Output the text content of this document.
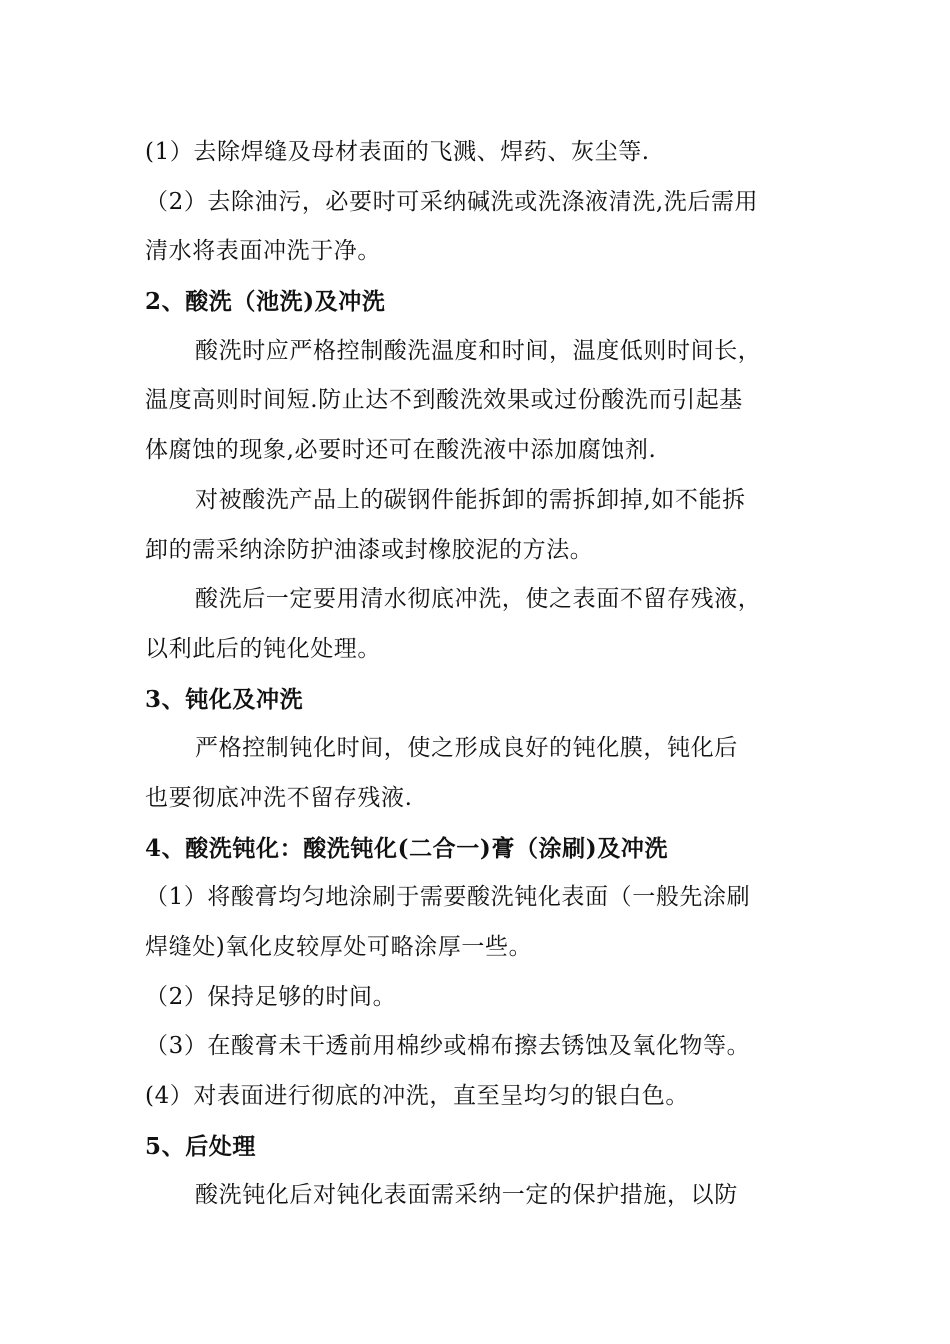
(1）去除焊缝及母材表面的飞溅、焊药、灰尘等.
（2）去除油污，必要时可采纳碱洗或洗涤液清洗,洗后需用
清水将表面冲洗于净。
2、酸洗（池洗)及冲洗
酸洗时应严格控制酸洗温度和时间，温度低则时间长，
温度高则时间短.防止达不到酸洗效果或过份酸洗而引起基
体腐蚀的现象,必要时还可在酸洗液中添加腐蚀剂.
对被酸洗产品上的碳钢件能拆卸的需拆卸掉,如不能拆
卸的需采纳涂防护油漆或封橡胶泥的方法。
酸洗后一定要用清水彻底冲洗，使之表面不留存残液，
以利此后的钝化处理。
3、钝化及冲洗
严格控制钝化时间，使之形成良好的钝化膜，钝化后
也要彻底冲洗不留存残液.
4、酸洗钝化：酸洗钝化(二合一)膏（涂刷)及冲洗
（1）将酸膏均匀地涂刷于需要酸洗钝化表面（一般先涂刷
焊缝处)氧化皮较厚处可略涂厚一些。
（2）保持足够的时间。
（3）在酸膏未干透前用棉纱或棉布擦去锈蚀及氧化物等。
(4）对表面进行彻底的冲洗，直至呈均匀的银白色。
5、后处理
酸洗钝化后对钝化表面需采纳一定的保护措施，以防
